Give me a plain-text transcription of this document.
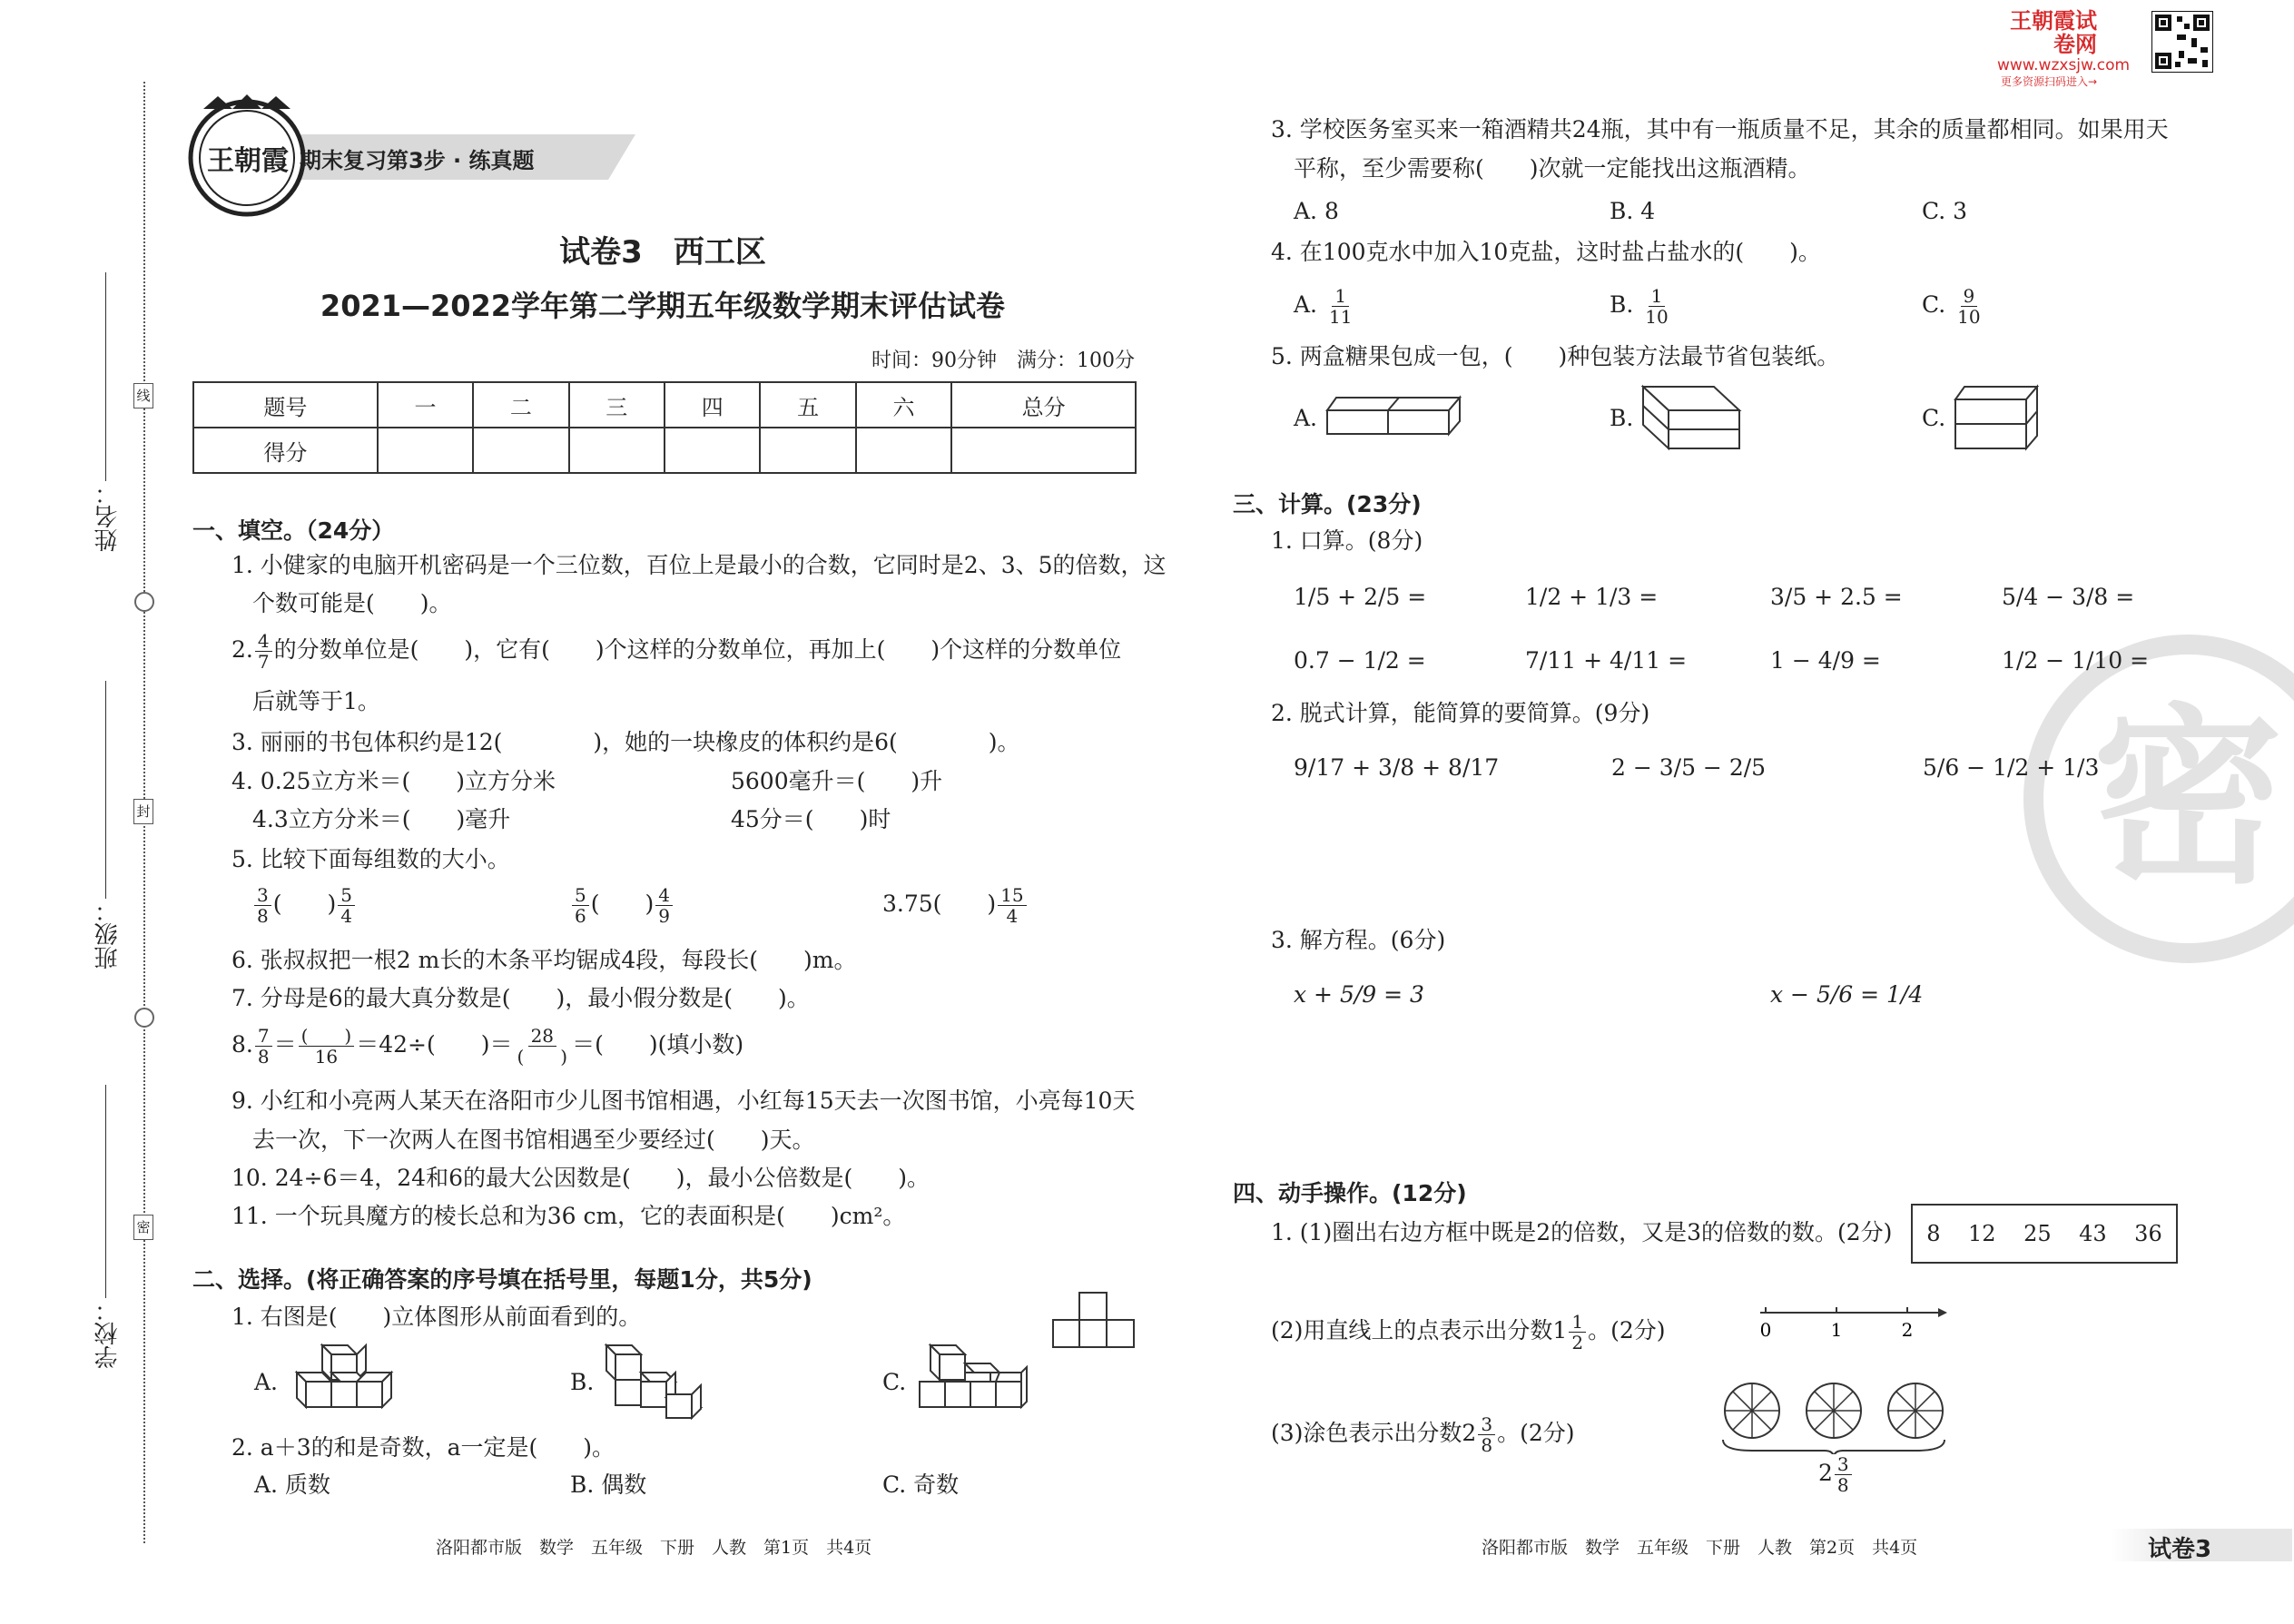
王朝霞试卷网
www.wzxsjw.com
更多资源扫码进入→
密
姓名：
班级：
学校：
线
封
密
王朝霞 期末复习第3步 · 练真题
试卷3　西工区
2021—2022学年第二学期五年级数学期末评估试卷
时间：90分钟　满分：100分
题号	一	二	三	四	五	六	总分
得分							
一、填空。（24分）
1. 小健家的电脑开机密码是一个三位数，百位上是最小的合数，它同时是2、3、5的倍数，这
个数可能是(　　)。
2. $\frac{4}{7}$ 的分数单位是(　　)，它有(　　)个这样的分数单位，再加上(　　)个这样的分数单位
后就等于1。
3. 丽丽的书包体积约是12(　　　　)，她的一块橡皮的体积约是6(　　　　)。
4. 0.25立方米＝(　　)立方分米	5600毫升＝(　　)升
4.3立方分米＝(　　)毫升	45分＝(　　)时
5. 比较下面每组数的大小。
$\frac{3}{8}$ (　　) $\frac{5}{4}$	$\frac{5}{6}$ (　　) $\frac{4}{9}$	3.75(　　) $\frac{15}{4}$
6. 张叔叔把一根2 m长的木条平均锯成4段，每段长(　　)m。
7. 分母是6的最大真分数是(　　)，最小假分数是(　　)。
8. $\frac{7}{8} = \frac{( )}{16} =42\div$(　　)＝ $\frac{28}{( )}$ ＝(　　)(填小数)
9. 小红和小亮两人某天在洛阳市少儿图书馆相遇，小红每15天去一次图书馆，小亮每10天
去一次，下一次两人在图书馆相遇至少要经过(　　)天。
10. 24÷6＝4，24和6的最大公因数是(　　)，最小公倍数是(　　)。
11. 一个玩具魔方的棱长总和为36 cm，它的表面积是(　　)cm²。
二、选择。(将正确答案的序号填在括号里，每题1分，共5分)
1. 右图是(　　)立体图形从前面看到的。
A.	B.	C.
2. a＋3的和是奇数，a一定是(　　)。
A. 质数	B. 偶数	C. 奇数
3. 学校医务室买来一箱酒精共24瓶，其中有一瓶质量不足，其余的质量都相同。如果用天
平称，至少需要称(　　)次就一定能找出这瓶酒精。
A. 8	B. 4	C. 3
4. 在100克水中加入10克盐，这时盐占盐水的(　　)。
A. $\frac{1}{11}$	B. $\frac{1}{10}$	C. $\frac{9}{10}$
5. 两盒糖果包成一包，(　　)种包装方法最节省包装纸。
A.	B.	C.
三、计算。(23分)
1. 口算。(8分)
1/5 + 2/5 =	1/2 + 1/3 =	3/5 + 2.5 =	5/4 − 3/8 =
0.7 − 1/2 =	7/11 + 4/11 =	1 − 4/9 =	1/2 − 1/10 =
2. 脱式计算，能简算的要简算。(9分)
9/17 + 3/8 + 8/17	2 − 3/5 − 2/5	5/6 − 1/2 + 1/3
3. 解方程。(6分)
x + 5/9 = 3	x − 5/6 = 1/4
四、动手操作。(12分)
1. (1)圈出右边方框中既是2的倍数，又是3的倍数的数。(2分) 8 12 25 43 36
(2)用直线上的点表示出分数$1 \frac{1}{2}$ 。(2分)	0	1	2
(3)涂色表示出分数$2 \frac{3}{8}$ 。(2分)
$2 \frac{3}{8}$
洛阳都市版　数学　五年级　下册　人教　第1页　共4页	洛阳都市版　数学　五年级　下册　人教　第2页　共4页	试卷3
